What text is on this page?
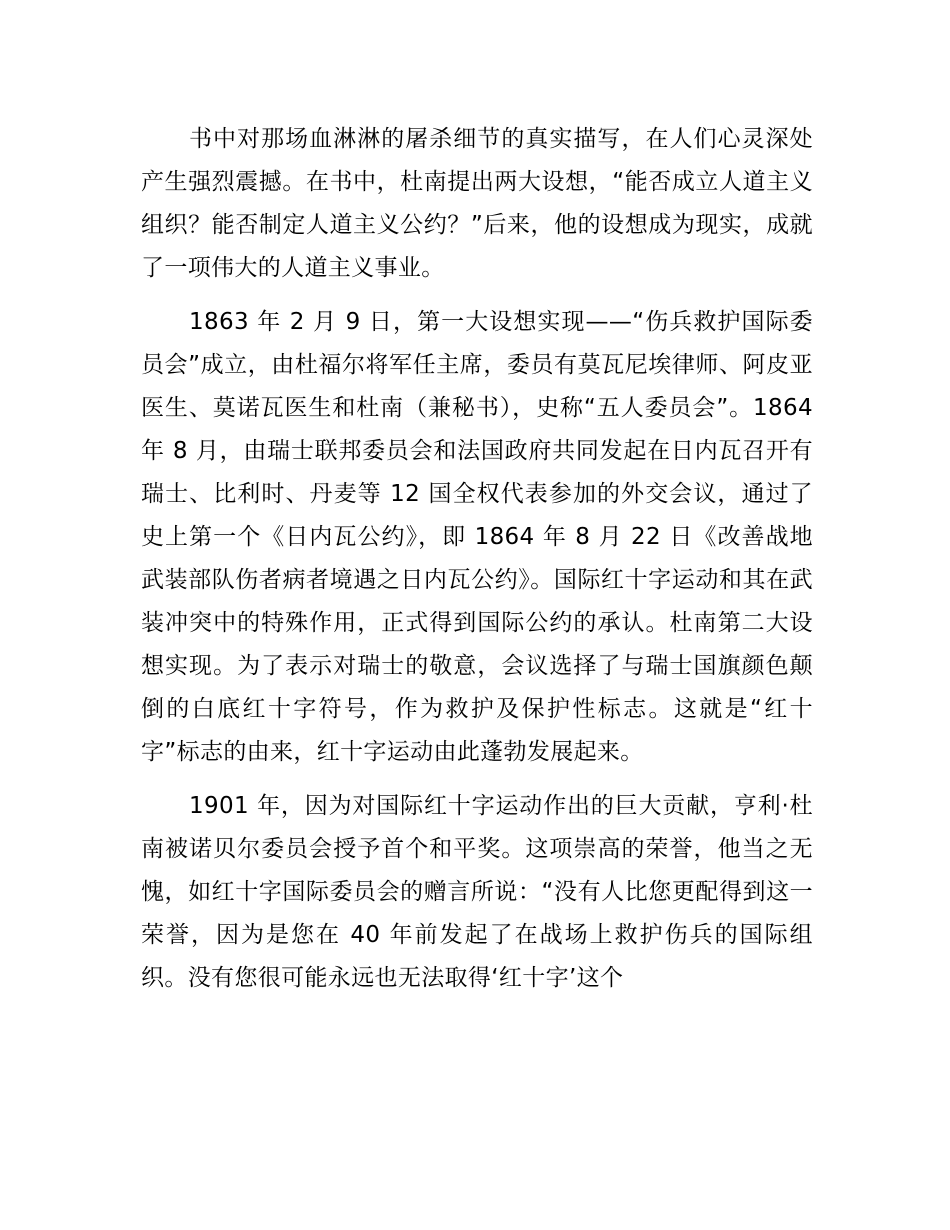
书中对那场血淋淋的屠杀细节的真实描写，在人们心灵深处产生强烈震撼。在书中，杜南提出两大设想，“能否成立人道主义组织？能否制定人道主义公约？”后来，他的设想成为现实，成就了一项伟大的人道主义事业。

1863 年 2 月 9 日，第一大设想实现——“伤兵救护国际委员会”成立，由杜福尔将军任主席，委员有莫瓦尼埃律师、阿皮亚医生、莫诺瓦医生和杜南（兼秘书），史称“五人委员会”。1864 年 8 月，由瑞士联邦委员会和法国政府共同发起在日内瓦召开有瑞士、比利时、丹麦等 12 国全权代表参加的外交会议，通过了史上第一个《日内瓦公约》，即 1864 年 8 月 22 日《改善战地武装部队伤者病者境遇之日内瓦公约》。国际红十字运动和其在武装冲突中的特殊作用，正式得到国际公约的承认。杜南第二大设想实现。为了表示对瑞士的敬意，会议选择了与瑞士国旗颜色颠倒的白底红十字符号，作为救护及保护性标志。这就是“红十字”标志的由来，红十字运动由此蓬勃发展起来。

1901 年，因为对国际红十字运动作出的巨大贡献，亨利·杜南被诺贝尔委员会授予首个和平奖。这项崇高的荣誉，他当之无愧，如红十字国际委员会的赠言所说：“没有人比您更配得到这一荣誉，因为是您在 40 年前发起了在战场上救护伤兵的国际组织。没有您很可能永远也无法取得‘红十字’这个
